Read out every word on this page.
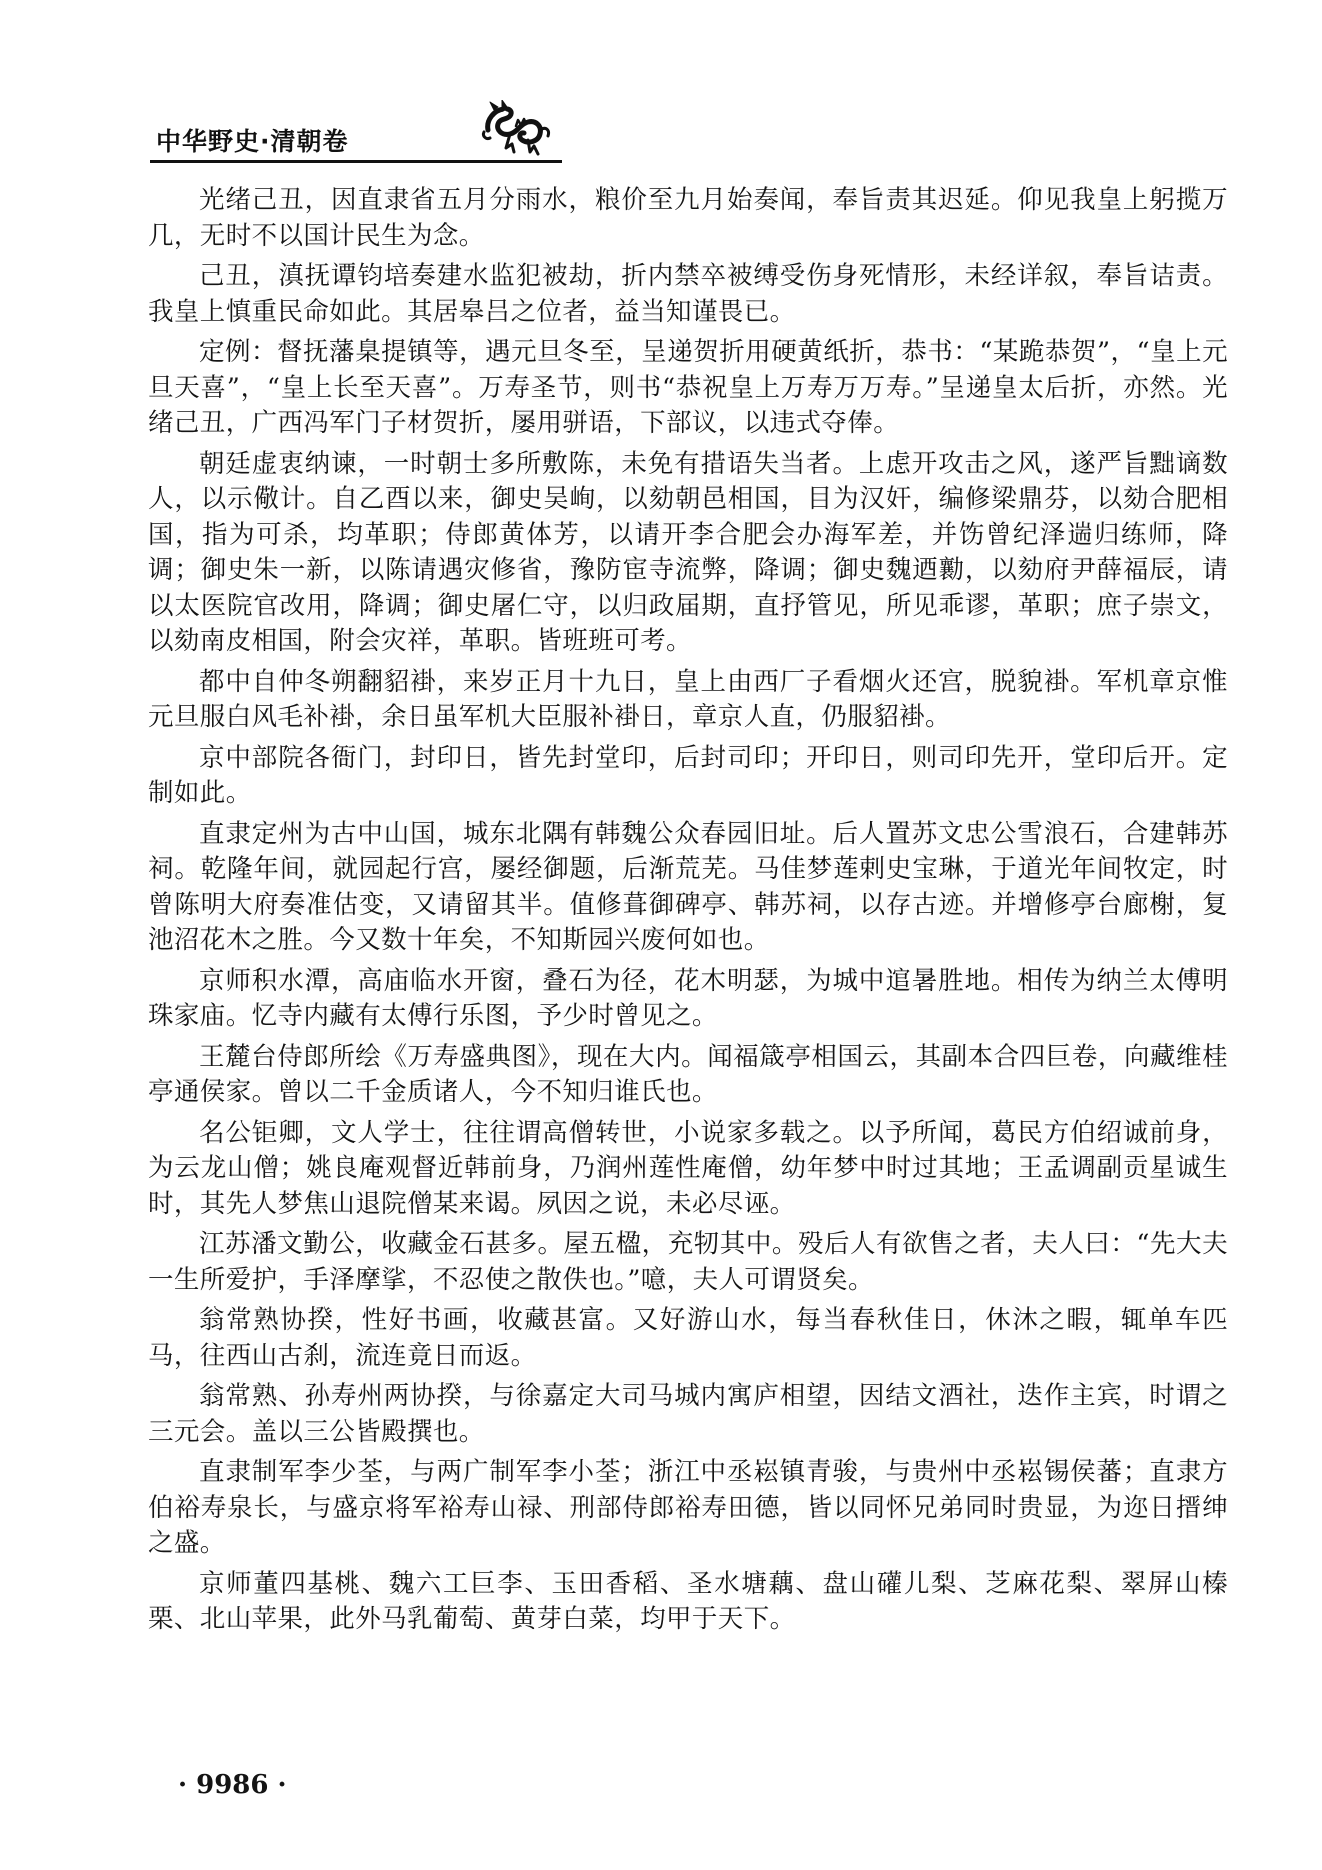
中华野史·清朝卷

光绪己丑，因直隶省五月分雨水，粮价至九月始奏闻，奉旨责其迟延。仰见我皇上躬揽万几，无时不以国计民生为念。

己丑，滇抚谭钧培奏建水监犯被劫，折内禁卒被缚受伤身死情形，未经详叙，奉旨诘责。我皇上慎重民命如此。其居皋吕之位者，益当知谨畏已。

定例：督抚藩臬提镇等，遇元旦冬至，呈递贺折用硬黄纸折，恭书：“某跪恭贺”，“皇上元旦天喜”，“皇上长至天喜”。万寿圣节，则书“恭祝皇上万寿万万寿。”呈递皇太后折，亦然。光绪己丑，广西冯军门子材贺折，屡用骈语，下部议，以违式夺俸。

朝廷虚衷纳谏，一时朝士多所敷陈，未免有措语失当者。上虑开攻击之风，遂严旨黜谪数人，以示儆计。自乙酉以来，御史吴峋，以劾朝邑相国，目为汉奸，编修梁鼎芬，以劾合肥相国，指为可杀，均革职；侍郎黄体芳，以请开李合肥会办海军差，并饬曾纪泽遄归练师，降调；御史朱一新，以陈请遇灾修省，豫防宦寺流弊，降调；御史魏迺勷，以劾府尹薛福辰，请以太医院官改用，降调；御史屠仁守，以归政届期，直抒管见，所见乖谬，革职；庶子崇文，以劾南皮相国，附会灾祥，革职。皆班班可考。

都中自仲冬朔翻貂褂，来岁正月十九日，皇上由西厂子看烟火还宫，脱貌褂。军机章京惟元旦服白风毛补褂，余日虽军机大臣服补褂日，章京人直，仍服貂褂。

京中部院各衙门，封印日，皆先封堂印，后封司印；开印日，则司印先开，堂印后开。定制如此。

直隶定州为古中山国，城东北隅有韩魏公众春园旧址。后人置苏文忠公雪浪石，合建韩苏祠。乾隆年间，就园起行宫，屡经御题，后渐荒芜。马佳梦莲剌史宝琳，于道光年间牧定，时曾陈明大府奏准估变，又请留其半。值修葺御碑亭、韩苏祠，以存古迹。并增修亭台廊榭，复池沼花木之胜。今又数十年矣，不知斯园兴废何如也。

京师积水潭，高庙临水开窗，叠石为径，花木明瑟，为城中逭暑胜地。相传为纳兰太傅明珠家庙。忆寺内藏有太傅行乐图，予少时曾见之。

王麓台侍郎所绘《万寿盛典图》，现在大内。闻福箴亭相国云，其副本合四巨卷，向藏维桂亭通侯家。曾以二千金质诸人，今不知归谁氏也。

名公钜卿，文人学士，往往谓高僧转世，小说家多载之。以予所闻，葛民方伯绍诚前身，为云龙山僧；姚良庵观督近韩前身，乃润州莲性庵僧，幼年梦中时过其地；王孟调副贡星诚生时，其先人梦焦山退院僧某来谒。夙因之说，未必尽诬。

江苏潘文勤公，收藏金石甚多。屋五楹，充牣其中。殁后人有欲售之者，夫人曰：“先大夫一生所爱护，手泽摩挲，不忍使之散佚也。”噫，夫人可谓贤矣。

翁常熟协揆，性好书画，收藏甚富。又好游山水，每当春秋佳日，休沐之暇，辄单车匹马，往西山古刹，流连竟日而返。

翁常熟、孙寿州两协揆，与徐嘉定大司马城内寓庐相望，因结文酒社，迭作主宾，时谓之三元会。盖以三公皆殿撰也。

直隶制军李少荃，与两广制军李小荃；浙江中丞崧镇青骏，与贵州中丞崧锡侯蕃；直隶方伯裕寿泉长，与盛京将军裕寿山禄、刑部侍郎裕寿田德，皆以同怀兄弟同时贵显，为迩日搢绅之盛。

京师董四基桃、魏六工巨李、玉田香稻、圣水塘藕、盘山礶儿梨、芝麻花梨、翠屏山榛栗、北山苹果，此外马乳葡萄、黄芽白菜，均甲于天下。

· 9986 ·
